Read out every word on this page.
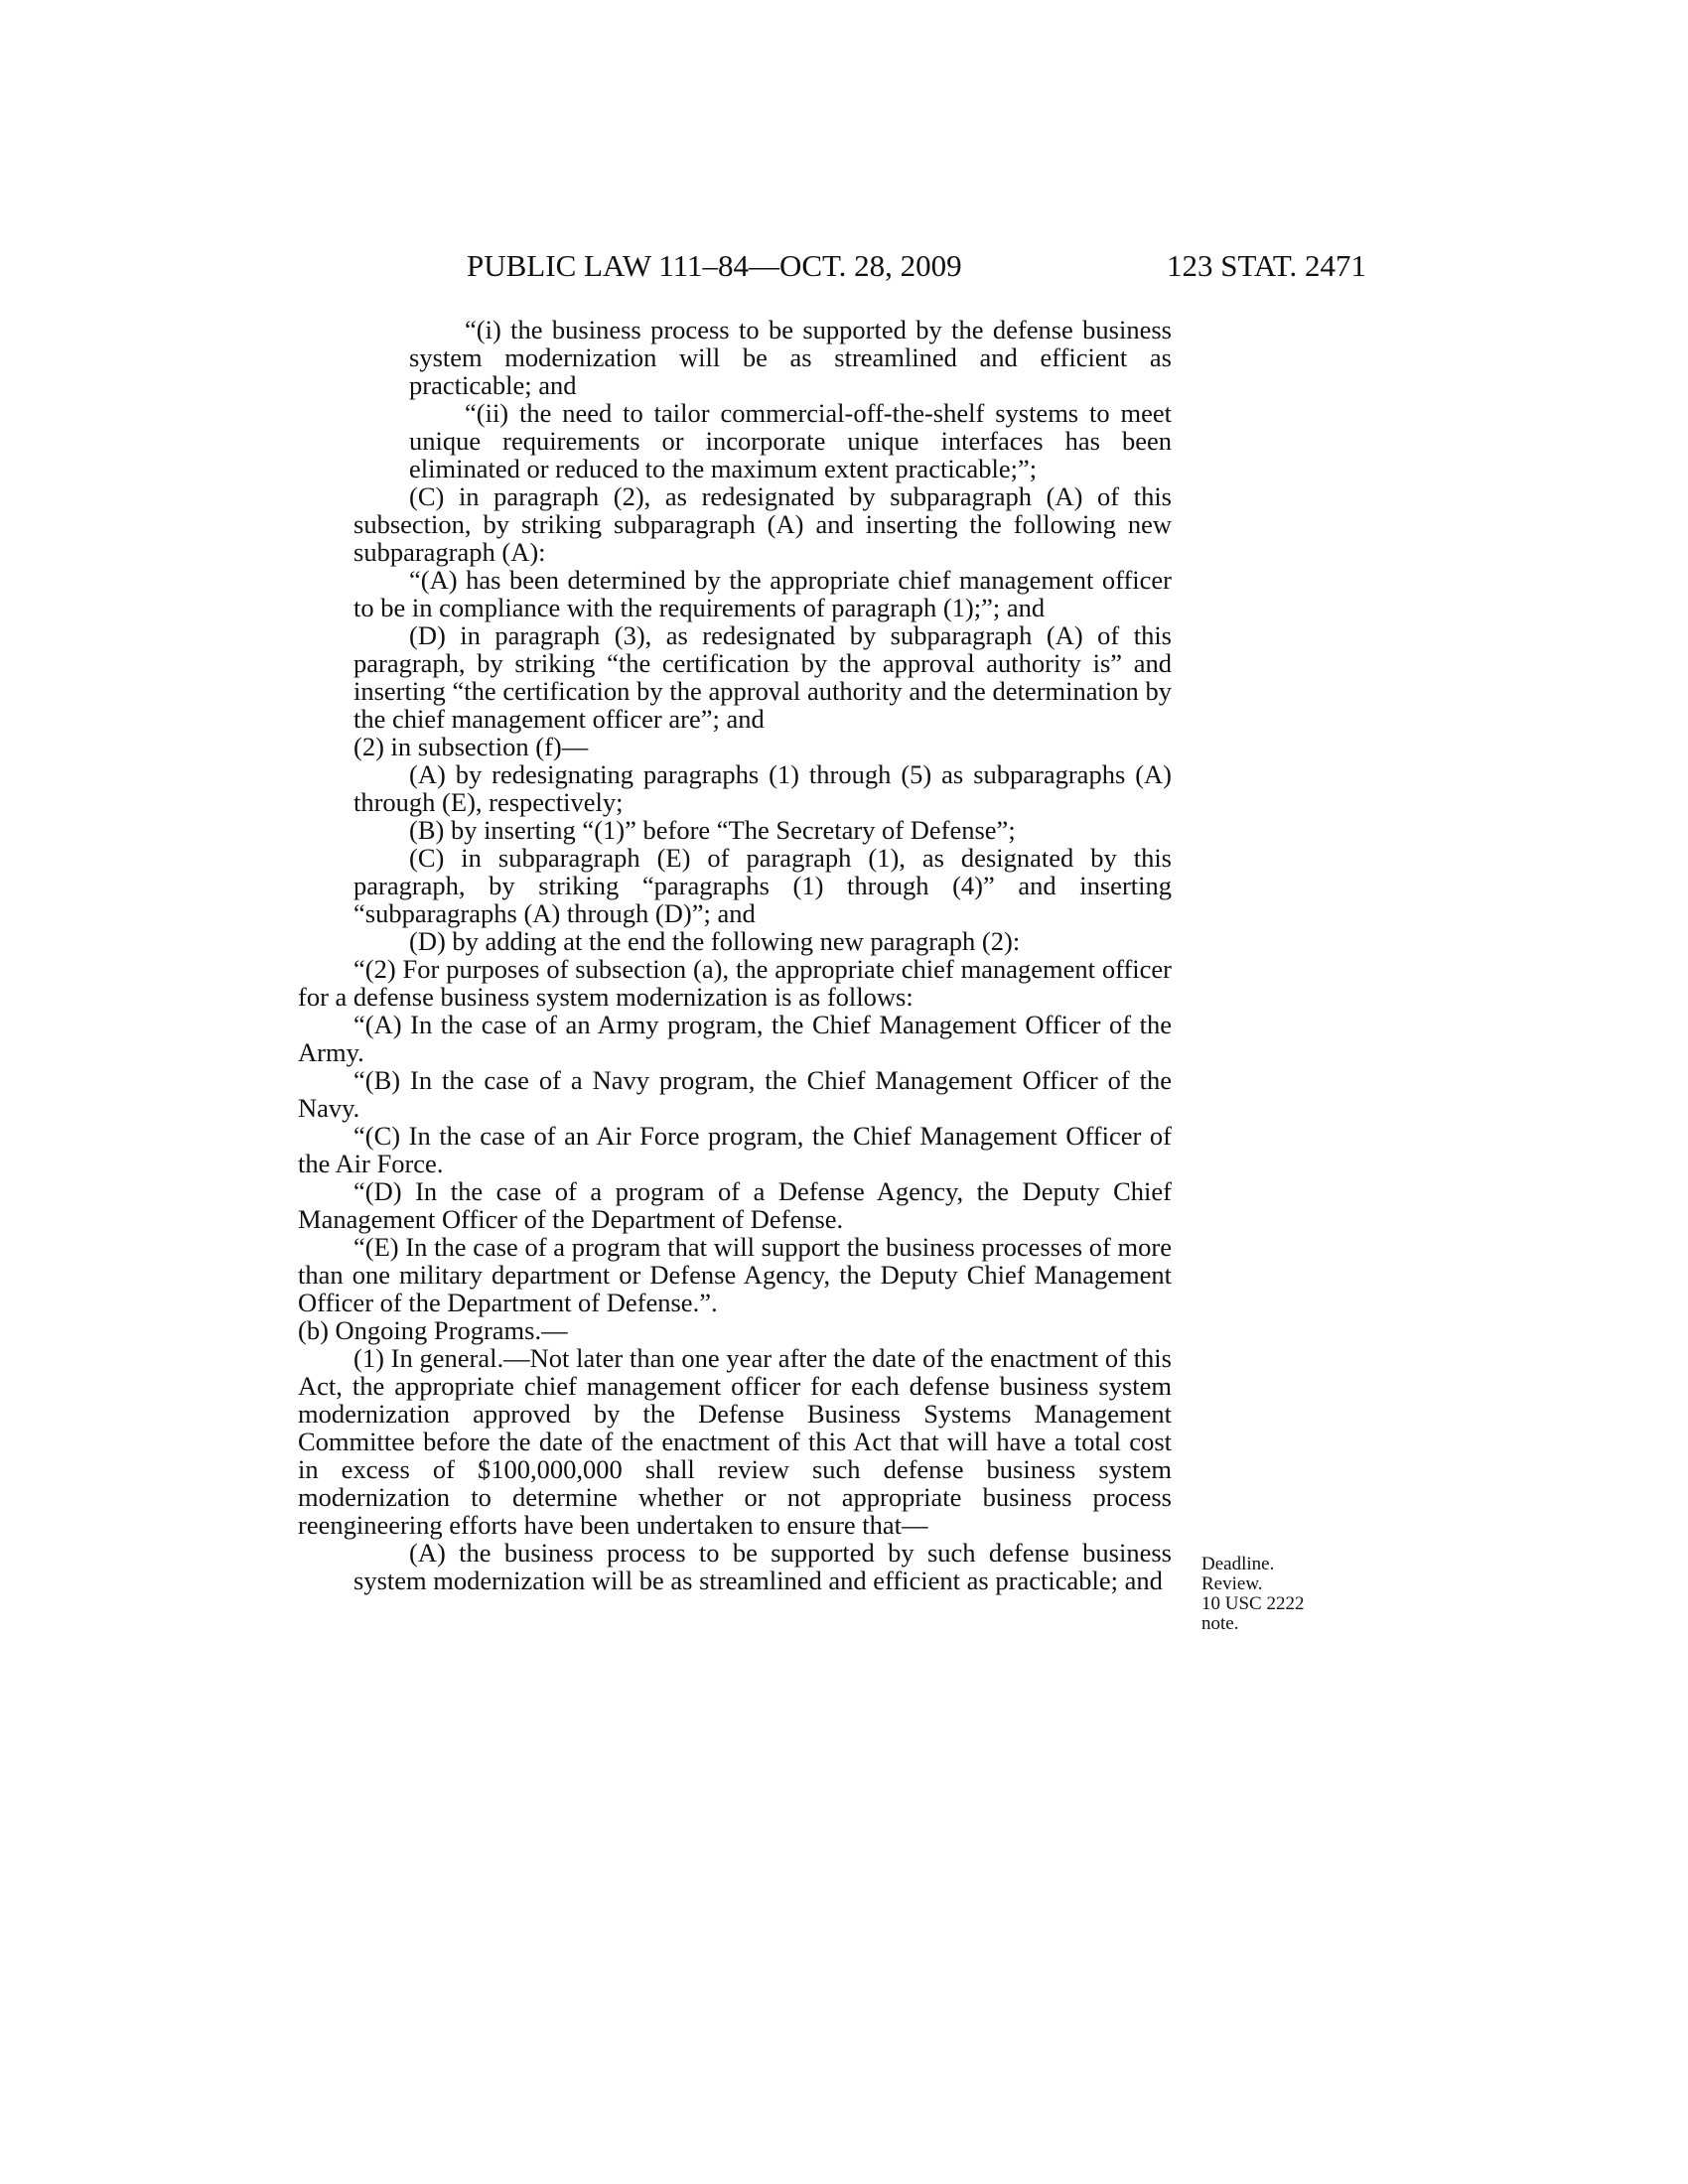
PUBLIC LAW 111–84—OCT. 28, 2009	123 STAT. 2471

“(i) the business process to be supported by the defense business system modernization will be as streamlined and efficient as practicable; and

“(ii) the need to tailor commercial-off-the-shelf systems to meet unique requirements or incorporate unique interfaces has been eliminated or reduced to the maximum extent practicable;”;

(C) in paragraph (2), as redesignated by subparagraph (A) of this subsection, by striking subparagraph (A) and inserting the following new subparagraph (A):

“(A) has been determined by the appropriate chief management officer to be in compliance with the requirements of paragraph (1);”; and

(D) in paragraph (3), as redesignated by subparagraph (A) of this paragraph, by striking “the certification by the approval authority is” and inserting “the certification by the approval authority and the determination by the chief management officer are”; and

(2) in subsection (f)—

(A) by redesignating paragraphs (1) through (5) as subparagraphs (A) through (E), respectively;

(B) by inserting “(1)” before “The Secretary of Defense”;

(C) in subparagraph (E) of paragraph (1), as designated by this paragraph, by striking “paragraphs (1) through (4)” and inserting “subparagraphs (A) through (D)”; and

(D) by adding at the end the following new paragraph (2):

“(2) For purposes of subsection (a), the appropriate chief management officer for a defense business system modernization is as follows:

“(A) In the case of an Army program, the Chief Management Officer of the Army.

“(B) In the case of a Navy program, the Chief Management Officer of the Navy.

“(C) In the case of an Air Force program, the Chief Management Officer of the Air Force.

“(D) In the case of a program of a Defense Agency, the Deputy Chief Management Officer of the Department of Defense.

“(E) In the case of a program that will support the business processes of more than one military department or Defense Agency, the Deputy Chief Management Officer of the Department of Defense.”.

(b) Ongoing Programs.—

(1) In general.—Not later than one year after the date of the enactment of this Act, the appropriate chief management officer for each defense business system modernization approved by the Defense Business Systems Management Committee before the date of the enactment of this Act that will have a total cost in excess of $100,000,000 shall review such defense business system modernization to determine whether or not appropriate business process reengineering efforts have been undertaken to ensure that—

(A) the business process to be supported by such defense business system modernization will be as streamlined and efficient as practicable; and

Deadline.
Review.
10 USC 2222
note.
